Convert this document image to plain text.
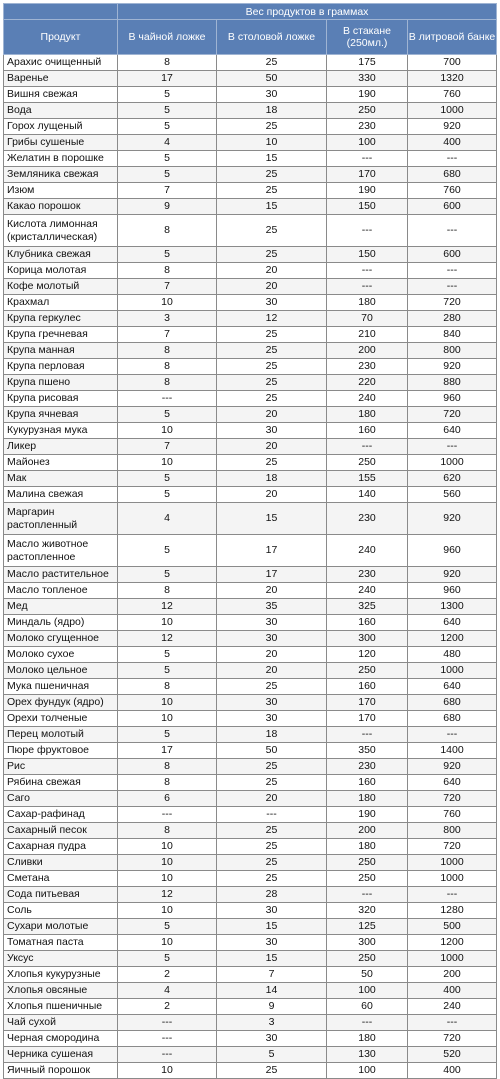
	Вес продуктов в граммах			
Продукт	В чайной ложке	В столовой ложке	В стакане (250мл.)	В литровой банке
Арахис очищенный	8	25	175	700
Варенье	17	50	330	1320
Вишня свежая	5	30	190	760
Вода	5	18	250	1000
Горох лущеный	5	25	230	920
Грибы сушеные	4	10	100	400
Желатин в порошке	5	15	---	---
Земляника свежая	5	25	170	680
Изюм	7	25	190	760
Какао порошок	9	15	150	600
Кислота лимонная (кристаллическая)	8	25	---	---
Клубника свежая	5	25	150	600
Корица молотая	8	20	---	---
Кофе молотый	7	20	---	---
Крахмал	10	30	180	720
Крупа геркулес	3	12	70	280
Крупа гречневая	7	25	210	840
Крупа манная	8	25	200	800
Крупа перловая	8	25	230	920
Крупа пшено	8	25	220	880
Крупа рисовая	---	25	240	960
Крупа ячневая	5	20	180	720
Кукурузная мука	10	30	160	640
Ликер	7	20	---	---
Майонез	10	25	250	1000
Мак	5	18	155	620
Малина свежая	5	20	140	560
Маргарин растопленный	4	15	230	920
Масло животное растопленное	5	17	240	960
Масло растительное	5	17	230	920
Масло топленое	8	20	240	960
Мед	12	35	325	1300
Миндаль (ядро)	10	30	160	640
Молоко сгущенное	12	30	300	1200
Молоко сухое	5	20	120	480
Молоко цельное	5	20	250	1000
Мука пшеничная	8	25	160	640
Орех фундук (ядро)	10	30	170	680
Орехи толченые	10	30	170	680
Перец молотый	5	18	---	---
Пюре фруктовое	17	50	350	1400
Рис	8	25	230	920
Рябина свежая	8	25	160	640
Саго	6	20	180	720
Сахар-рафинад	---	---	190	760
Сахарный песок	8	25	200	800
Сахарная пудра	10	25	180	720
Сливки	10	25	250	1000
Сметана	10	25	250	1000
Сода питьевая	12	28	---	---
Соль	10	30	320	1280
Сухари молотые	5	15	125	500
Томатная паста	10	30	300	1200
Уксус	5	15	250	1000
Хлопья кукурузные	2	7	50	200
Хлопья овсяные	4	14	100	400
Хлопья пшеничные	2	9	60	240
Чай сухой	---	3	---	---
Черная смородина	---	30	180	720
Черника сушеная	---	5	130	520
Яичный порошок	10	25	100	400
